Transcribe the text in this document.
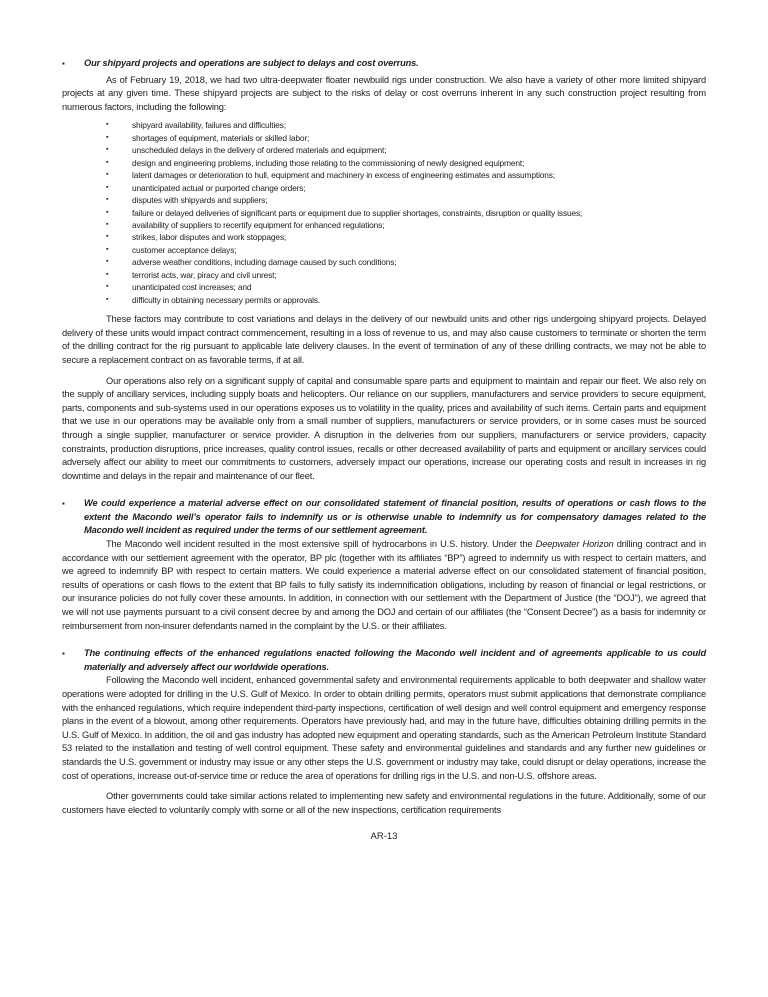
▪ Our shipyard projects and operations are subject to delays and cost overruns.

As of February 19, 2018, we had two ultra-deepwater floater newbuild rigs under construction. We also have a variety of other more limited shipyard projects at any given time. These shipyard projects are subject to the risks of delay or cost overruns inherent in any such construction project resulting from numerous factors, including the following:

▪	shipyard availability, failures and difficulties;
▪	shortages of equipment, materials or skilled labor;
▪	unscheduled delays in the delivery of ordered materials and equipment;
▪	design and engineering problems, including those relating to the commissioning of newly designed equipment;
▪	latent damages or deterioration to hull, equipment and machinery in excess of engineering estimates and assumptions;
▪	unanticipated actual or purported change orders;
▪	disputes with shipyards and suppliers;
▪	failure or delayed deliveries of significant parts or equipment due to supplier shortages, constraints, disruption or quality issues;
▪	availability of suppliers to recertify equipment for enhanced regulations;
▪	strikes, labor disputes and work stoppages;
▪	customer acceptance delays;
▪	adverse weather conditions, including damage caused by such conditions;
▪	terrorist acts, war, piracy and civil unrest;
▪	unanticipated cost increases; and
▪	difficulty in obtaining necessary permits or approvals.

These factors may contribute to cost variations and delays in the delivery of our newbuild units and other rigs undergoing shipyard projects. Delayed delivery of these units would impact contract commencement, resulting in a loss of revenue to us, and may also cause customers to terminate or shorten the term of the drilling contract for the rig pursuant to applicable late delivery clauses. In the event of termination of any of these drilling contracts, we may not be able to secure a replacement contract on as favorable terms, if at all.

Our operations also rely on a significant supply of capital and consumable spare parts and equipment to maintain and repair our fleet. We also rely on the supply of ancillary services, including supply boats and helicopters. Our reliance on our suppliers, manufacturers and service providers to secure equipment, parts, components and sub-systems used in our operations exposes us to volatility in the quality, prices and availability of such items. Certain parts and equipment that we use in our operations may be available only from a small number of suppliers, manufacturers or service providers, or in some cases must be sourced through a single supplier, manufacturer or service provider. A disruption in the deliveries from our suppliers, manufacturers or service providers, capacity constraints, production disruptions, price increases, quality control issues, recalls or other decreased availability of parts and equipment or ancillary services could adversely affect our ability to meet our commitments to customers, adversely impact our operations, increase our operating costs and result in increases in rig downtime and delays in the repair and maintenance of our fleet.

▪ We could experience a material adverse effect on our consolidated statement of financial position, results of operations or cash flows to the extent the Macondo well’s operator fails to indemnify us or is otherwise unable to indemnify us for compensatory damages related to the Macondo well incident as required under the terms of our settlement agreement.

The Macondo well incident resulted in the most extensive spill of hydrocarbons in U.S. history. Under the Deepwater Horizon drilling contract and in accordance with our settlement agreement with the operator, BP plc (together with its affiliates “BP”) agreed to indemnify us with respect to certain matters, and we agreed to indemnify BP with respect to certain matters. We could experience a material adverse effect on our consolidated statement of financial position, results of operations or cash flows to the extent that BP fails to fully satisfy its indemnification obligations, including by reason of financial or legal restrictions, or our insurance policies do not fully cover these amounts. In addition, in connection with our settlement with the Department of Justice (the “DOJ”), we agreed that we will not use payments pursuant to a civil consent decree by and among the DOJ and certain of our affiliates (the “Consent Decree”) as a basis for indemnity or reimbursement from non-insurer defendants named in the complaint by the U.S. or their affiliates.

▪ The continuing effects of the enhanced regulations enacted following the Macondo well incident and of agreements applicable to us could materially and adversely affect our worldwide operations.

Following the Macondo well incident, enhanced governmental safety and environmental requirements applicable to both deepwater and shallow water operations were adopted for drilling in the U.S. Gulf of Mexico. In order to obtain drilling permits, operators must submit applications that demonstrate compliance with the enhanced regulations, which require independent third-party inspections, certification of well design and well control equipment and emergency response plans in the event of a blowout, among other requirements. Operators have previously had, and may in the future have, difficulties obtaining drilling permits in the U.S. Gulf of Mexico. In addition, the oil and gas industry has adopted new equipment and operating standards, such as the American Petroleum Institute Standard 53 related to the installation and testing of well control equipment. These safety and environmental guidelines and standards and any further new guidelines or standards the U.S. government or industry may issue or any other steps the U.S. government or industry may take, could disrupt or delay operations, increase the cost of operations, increase out-of-service time or reduce the area of operations for drilling rigs in the U.S. and non-U.S. offshore areas.

Other governments could take similar actions related to implementing new safety and environmental regulations in the future. Additionally, some of our customers have elected to voluntarily comply with some or all of the new inspections, certification requirements

AR-13
